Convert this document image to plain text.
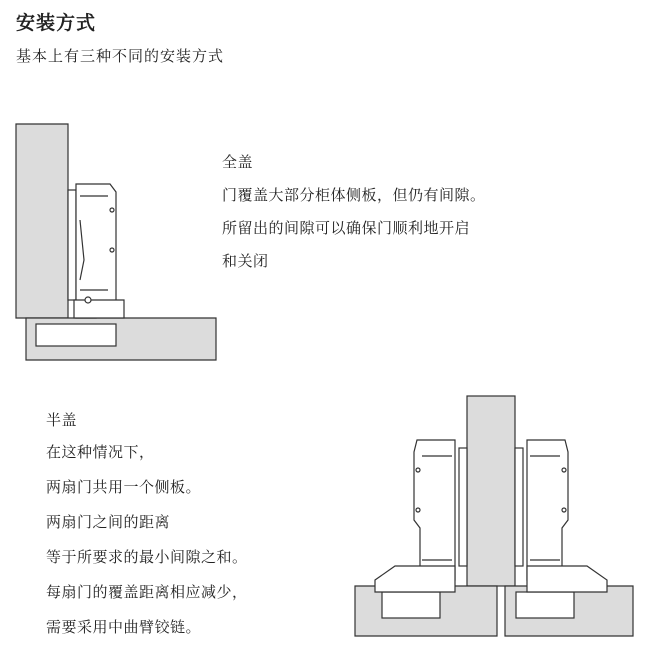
安装方式
基本上有三种不同的安装方式
全盖
门覆盖大部分柜体侧板，但仍有间隙。
所留出的间隙可以确保门顺利地开启
和关闭
半盖
在这种情况下，
两扇门共用一个侧板。
两扇门之间的距离
等于所要求的最小间隙之和。
每扇门的覆盖距离相应减少，
需要采用中曲臂铰链。
